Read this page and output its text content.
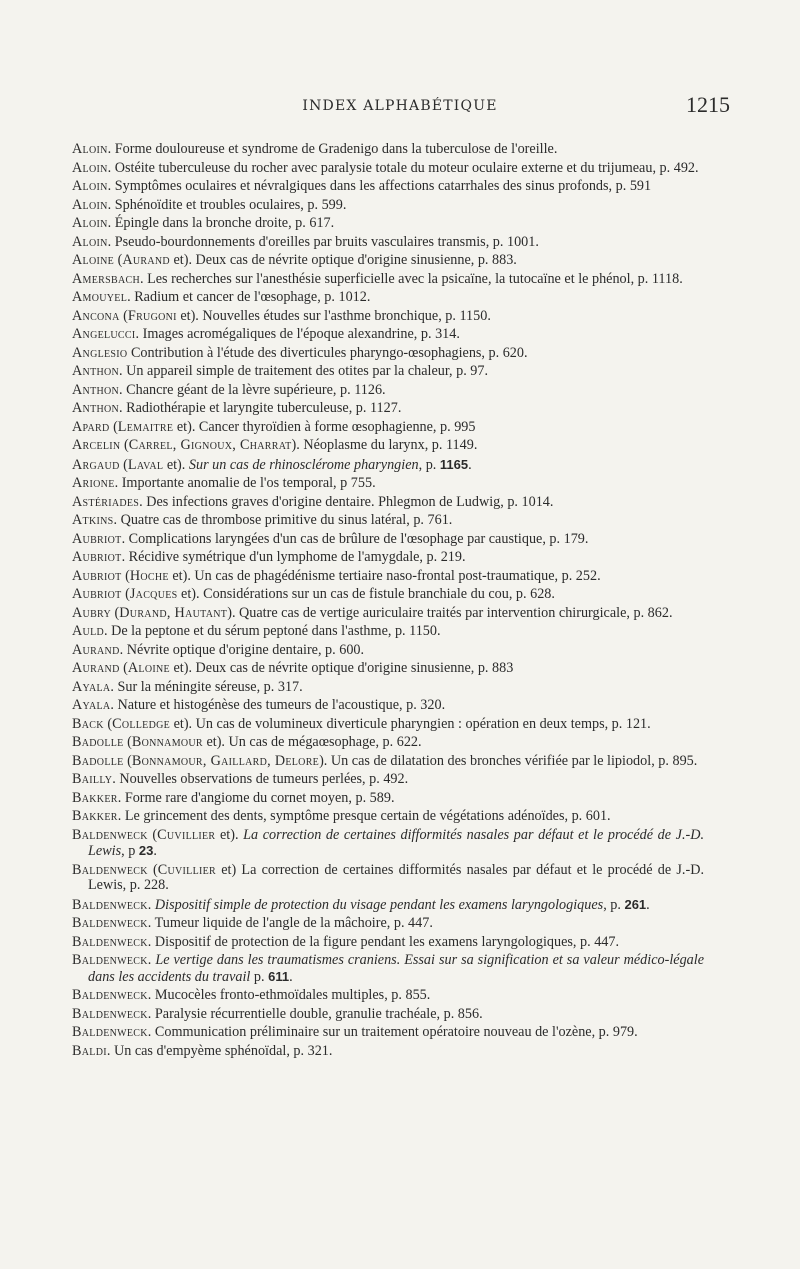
INDEX ALPHABÉTIQUE	1215

Aloin. Forme douloureuse et syndrome de Gradenigo dans la tuberculose de l'oreille.

Aloin. Ostéite tuberculeuse du rocher avec paralysie totale du moteur oculaire externe et du trijumeau, p. 492.

Aloin. Symptômes oculaires et névralgiques dans les affections catarrhales des sinus profonds, p. 591

Aloin. Sphénoïdite et troubles oculaires, p. 599.

Aloin. Épingle dans la bronche droite, p. 617.

Aloin. Pseudo-bourdonnements d'oreilles par bruits vasculaires transmis, p. 1001.

Aloine (Aurand et). Deux cas de névrite optique d'origine sinusienne, p. 883.

Amersbach. Les recherches sur l'anesthésie superficielle avec la psicaïne, la tutocaïne et le phénol, p. 1118.

Amouyel. Radium et cancer de l'œsophage, p. 1012.

Ancona (Frugoni et). Nouvelles études sur l'asthme bronchique, p. 1150.

Angelucci. Images acromégaliques de l'époque alexandrine, p. 314.

Anglesio Contribution à l'étude des diverticules pharyngo-œsophagiens, p. 620.

Anthon. Un appareil simple de traitement des otites par la chaleur, p. 97.

Anthon. Chancre géant de la lèvre supérieure, p. 1126.

Anthon. Radiothérapie et laryngite tuberculeuse, p. 1127.

Apard (Lemaitre et). Cancer thyroïdien à forme œsophagienne, p. 995

Arcelin (Carrel, Gignoux, Charrat). Néoplasme du larynx, p. 1149.

Argaud (Laval et). Sur un cas de rhinosclérome pharyngien, p. 1165.

Arione. Importante anomalie de l'os temporal, p 755.

Astériades. Des infections graves d'origine dentaire. Phlegmon de Ludwig, p. 1014.

Atkins. Quatre cas de thrombose primitive du sinus latéral, p. 761.

Aubriot. Complications laryngées d'un cas de brûlure de l'œsophage par caustique, p. 179.

Aubriot. Récidive symétrique d'un lymphome de l'amygdale, p. 219.

Aubriot (Hoche et). Un cas de phagédénisme tertiaire naso-frontal post-traumatique, p. 252.

Aubriot (Jacques et). Considérations sur un cas de fistule branchiale du cou, p. 628.

Aubry (Durand, Hautant). Quatre cas de vertige auriculaire traités par intervention chirurgicale, p. 862.

Auld. De la peptone et du sérum peptoné dans l'asthme, p. 1150.

Aurand. Névrite optique d'origine dentaire, p. 600.

Aurand (Aloine et). Deux cas de névrite optique d'origine sinusienne, p. 883

Ayala. Sur la méningite séreuse, p. 317.

Ayala. Nature et histogénèse des tumeurs de l'acoustique, p. 320.

Back (Colledge et). Un cas de volumineux diverticule pharyngien : opération en deux temps, p. 121.

Badolle (Bonnamour et). Un cas de mégaœsophage, p. 622.

Badolle (Bonnamour, Gaillard, Delore). Un cas de dilatation des bronches vérifiée par le lipiodol, p. 895.

Bailly. Nouvelles observations de tumeurs perlées, p. 492.

Bakker. Forme rare d'angiome du cornet moyen, p. 589.

Bakker. Le grincement des dents, symptôme presque certain de végétations adénoïdes, p. 601.

Baldenweck (Cuvillier et). La correction de certaines difformités nasales par défaut et le procédé de J.-D. Lewis, p 23.

Baldenweck (Cuvillier et) La correction de certaines difformités nasales par défaut et le procédé de J.-D. Lewis, p. 228.

Baldenweck. Dispositif simple de protection du visage pendant les examens laryngologiques, p. 261.

Baldenweck. Tumeur liquide de l'angle de la mâchoire, p. 447.

Baldenweck. Dispositif de protection de la figure pendant les examens laryngologiques, p. 447.

Baldenweck. Le vertige dans les traumatismes craniens. Essai sur sa signification et sa valeur médico-légale dans les accidents du travail p. 611.

Baldenweck. Mucocèles fronto-ethmoïdales multiples, p. 855.

Baldenweck. Paralysie récurrentielle double, granulie trachéale, p. 856.

Baldenweck. Communication préliminaire sur un traitement opératoire nouveau de l'ozène, p. 979.

Baldi. Un cas d'empyème sphénoïdal, p. 321.
